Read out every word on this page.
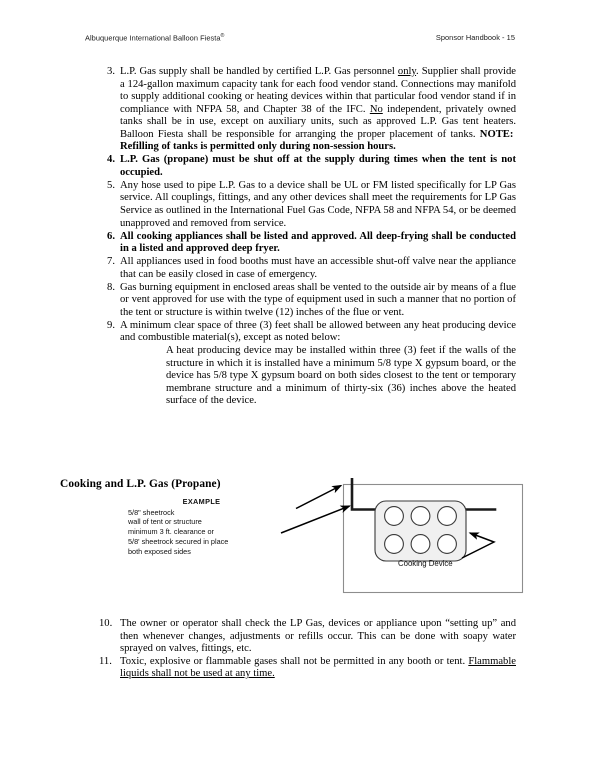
Albuquerque International Balloon Fiesta®	Sponsor Handbook - 15
3. L.P. Gas supply shall be handled by certified L.P. Gas personnel only. Supplier shall provide a 124-gallon maximum capacity tank for each food vendor stand. Connections may manifold to supply additional cooking or heating devices within that particular food vendor stand if in compliance with NFPA 58, and Chapter 38 of the IFC. No independent, privately owned tanks shall be in use, except on auxiliary units, such as approved L.P. Gas tent heaters. Balloon Fiesta shall be responsible for arranging the proper placement of tanks. NOTE:  Refilling of tanks is permitted only during non-session hours.
4. L.P. Gas (propane) must be shut off at the supply during times when the tent is not occupied.
5. Any hose used to pipe L.P. Gas to a device shall be UL or FM listed specifically for LP Gas service. All couplings, fittings, and any other devices shall meet the requirements for LP Gas Service as outlined in the International Fuel Gas Code, NFPA 58 and NFPA 54, or be deemed unapproved and removed from service.
6. All cooking appliances shall be listed and approved. All deep-frying shall be conducted in a listed and approved deep fryer.
7. All appliances used in food booths must have an accessible shut-off valve near the appliance that can be easily closed in case of emergency.
8. Gas burning equipment in enclosed areas shall be vented to the outside air by means of a flue or vent approved for use with the type of equipment used in such a manner that no portion of the tent or structure is within twelve (12) inches of the flue or vent.
9. A minimum clear space of three (3) feet shall be allowed between any heat producing device and combustible material(s), except as noted below:
A heat producing device may be installed within three (3) feet if the walls of the structure in which it is installed have a minimum 5/8 type X gypsum board, or the device has 5/8 type X gypsum board on both sides closest to the tent or temporary membrane structure and a minimum of thirty-six (36) inches above the heated surface of the device.
Cooking and L.P. Gas (Propane)
EXAMPLE
5/8" sheetrock
wall of tent or structure
minimum 3 ft. clearance or
5/8' sheetrock secured in place
both exposed sides
Cooking Device
10. The owner or operator shall check the LP Gas, devices or appliance upon “setting up” and then whenever changes, adjustments or refills occur. This can be done with soapy water sprayed on valves, fittings, etc.
11. Toxic, explosive or flammable gases shall not be permitted in any booth or tent. Flammable liquids shall not be used at any time.
